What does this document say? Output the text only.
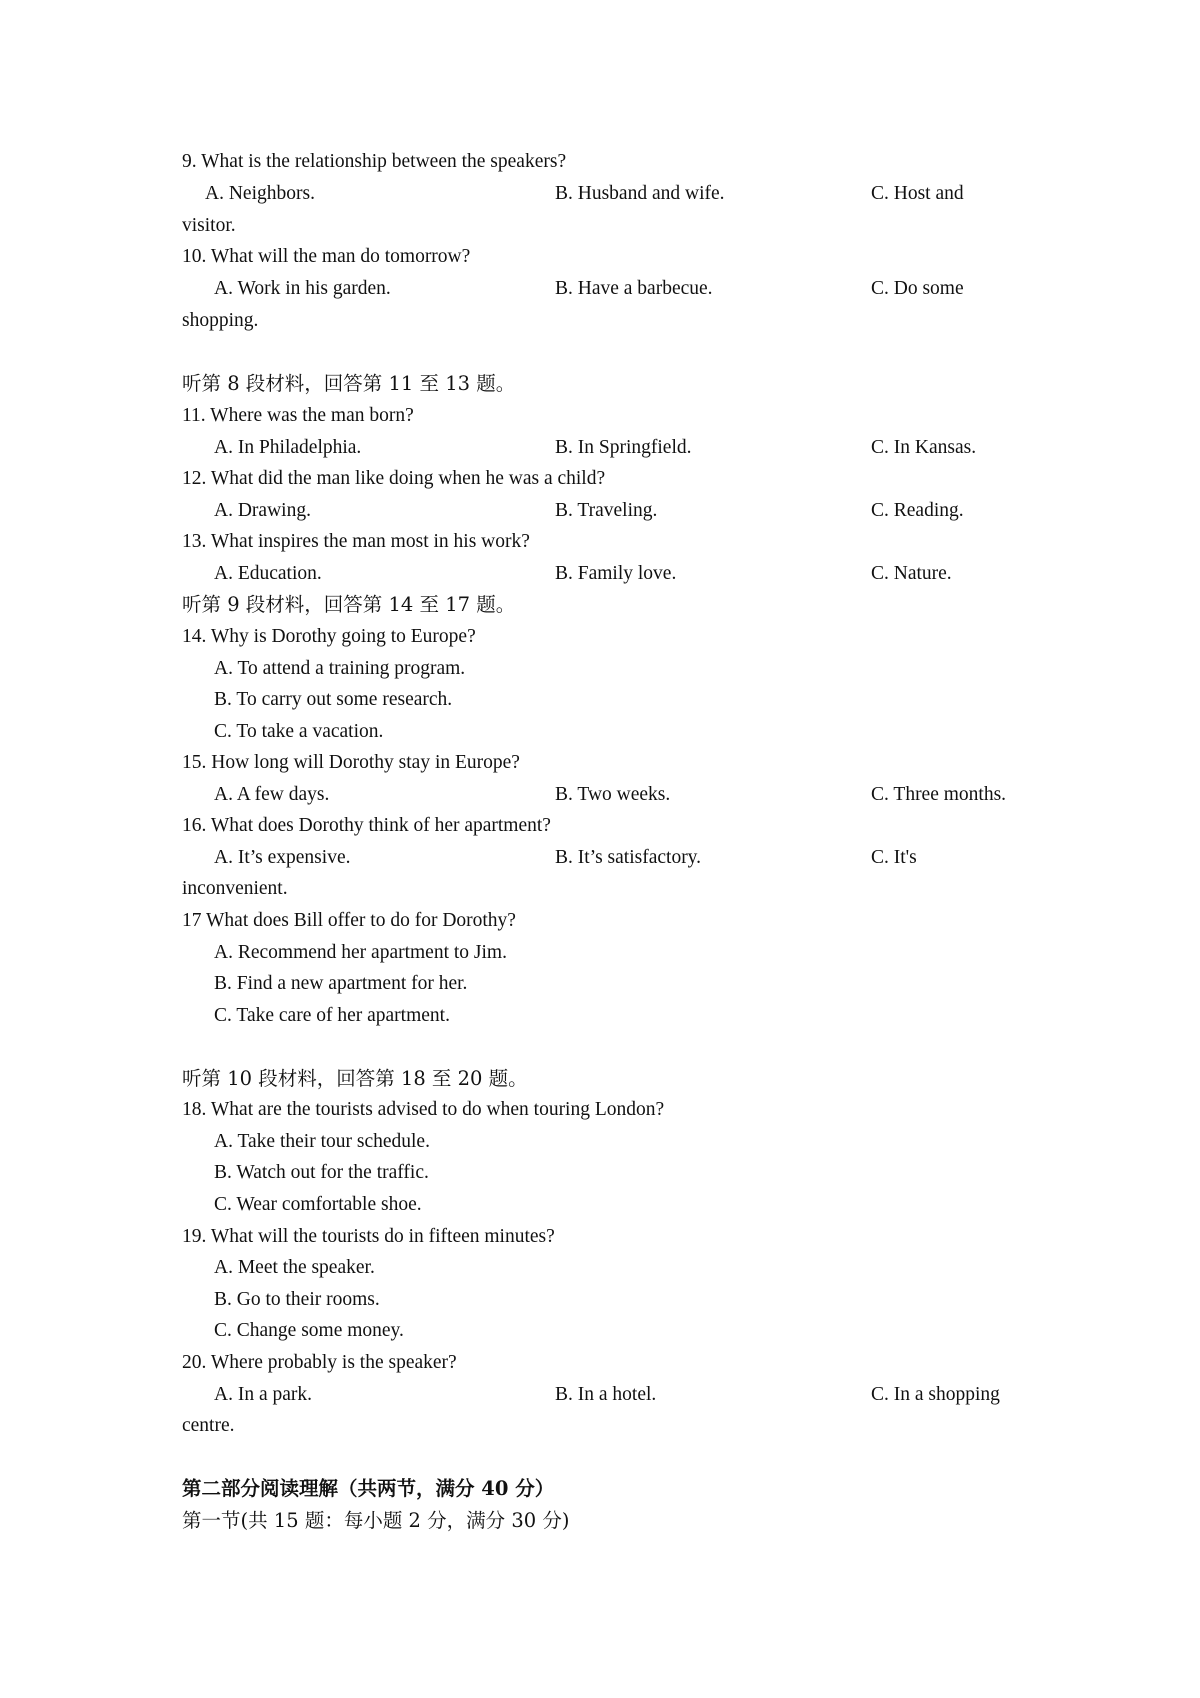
9. What is the relationship between the speakers?
A. Neighbors.	B. Husband and wife.	C. Host and
visitor.
10. What will the man do tomorrow?
A. Work in his garden.	B. Have a barbecue.	C. Do some
shopping.
听第 8 段材料，回答第 11 至 13 题。
11. Where was the man born?
A. In Philadelphia.	B. In Springfield.	C. In Kansas.
12. What did the man like doing when he was a child?
A. Drawing.	B. Traveling.	C. Reading.
13. What inspires the man most in his work?
A. Education.	B. Family love.	C. Nature.
听第 9 段材料，回答第 14 至 17 题。
14. Why is Dorothy going to Europe?
A. To attend a training program.
B. To carry out some research.
C. To take a vacation.
15. How long will Dorothy stay in Europe?
A. A few days.	B. Two weeks.	C. Three months.
16. What does Dorothy think of her apartment?
A. It’s expensive.	B. It’s satisfactory.	C. It's
inconvenient.
17 What does Bill offer to do for Dorothy?
A. Recommend her apartment to Jim.
B. Find a new apartment for her.
C. Take care of her apartment.
听第 10 段材料，回答第 18 至 20 题。
18. What are the tourists advised to do when touring London?
A. Take their tour schedule.
B. Watch out for the traffic.
C. Wear comfortable shoe.
19. What will the tourists do in fifteen minutes?
A. Meet the speaker.
B. Go to their rooms.
C. Change some money.
20. Where probably is the speaker?
A. In a park.	B. In a hotel.	C. In a shopping
centre.
第二部分阅读理解（共两节，满分 40 分）
第一节(共 15 题：每小题 2 分，满分 30 分)
